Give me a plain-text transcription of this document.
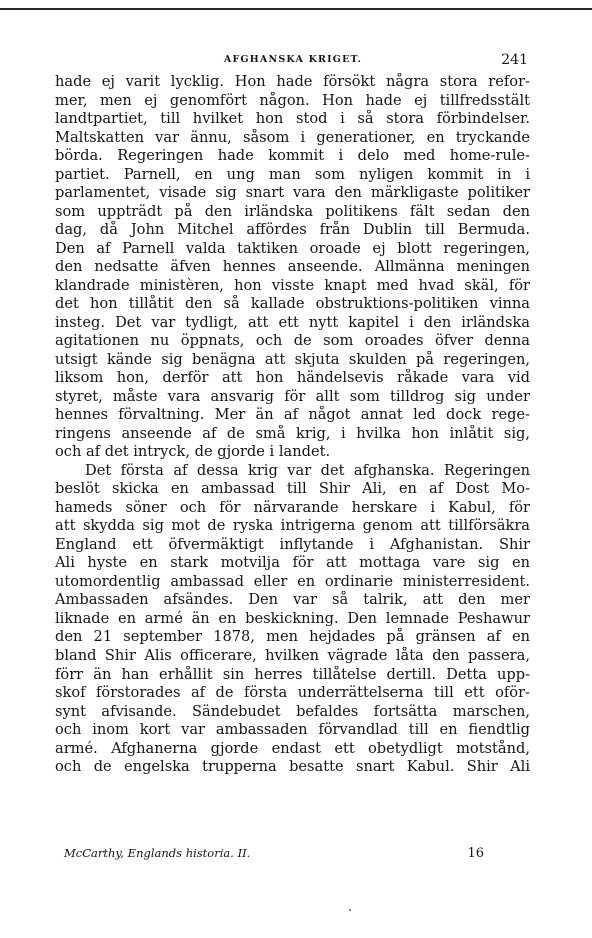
AFGHANSKA KRIGET.	241
hade ej varit lycklig. Hon hade försökt några stora refor-
mer, men ej genomfört någon. Hon hade ej tillfredsstält
landtpartiet, till hvilket hon stod i så stora förbindelser.
Maltskatten var ännu, såsom i generationer, en tryckande
börda. Regeringen hade kommit i delo med home-rule-
partiet. Parnell, en ung man som nyligen kommit in i
parlamentet, visade sig snart vara den märkligaste politiker
som uppträdt på den irländska politikens fält sedan den
dag, då John Mitchel affördes från Dublin till Bermuda.
Den af Parnell valda taktiken oroade ej blott regeringen,
den nedsatte äfven hennes anseende. Allmänna meningen
klandrade ministèren, hon visste knapt med hvad skäl, för
det hon tillåtit den så kallade obstruktions-politiken vinna
insteg. Det var tydligt, att ett nytt kapitel i den irländska
agitationen nu öppnats, och de som oroades öfver denna
utsigt kände sig benägna att skjuta skulden på regeringen,
liksom hon, derför att hon händelsevis råkade vara vid
styret, måste vara ansvarig för allt som tilldrog sig under
hennes förvaltning. Mer än af något annat led dock rege-
ringens anseende af de små krig, i hvilka hon inlåtit sig,
och af det intryck, de gjorde i landet.
Det första af dessa krig var det afghanska. Regeringen
beslöt skicka en ambassad till Shir Ali, en af Dost Mo-
hameds söner och för närvarande herskare i Kabul, för
att skydda sig mot de ryska intrigerna genom att tillförsäkra
England ett öfvermäktigt inflytande i Afghanistan. Shir
Ali hyste en stark motvilja för att mottaga vare sig en
utomordentlig ambassad eller en ordinarie ministerresident.
Ambassaden afsändes. Den var så talrik, att den mer
liknade en armé än en beskickning. Den lemnade Peshawur
den 21 september 1878, men hejdades på gränsen af en
bland Shir Alis officerare, hvilken vägrade låta den passera,
förr än han erhållit sin herres tillåtelse dertill. Detta upp-
skof förstorades af de första underrättelserna till ett oför-
synt afvisande. Sändebudet befaldes fortsätta marschen,
och inom kort var ambassaden förvandlad till en fiendtlig
armé. Afghanerna gjorde endast ett obetydligt motstånd,
och de engelska trupperna besatte snart Kabul. Shir Ali
McCarthy, Englands historia. II.	16
